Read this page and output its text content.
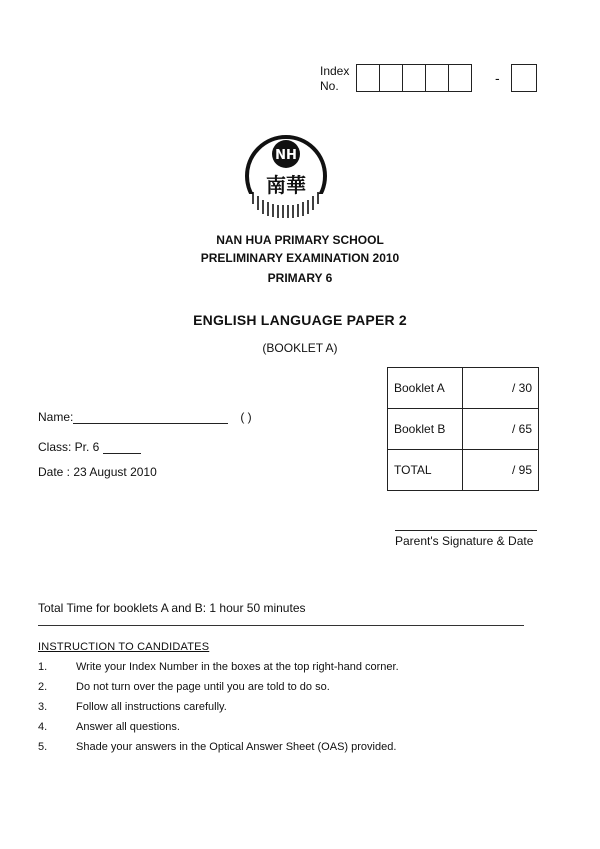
Index
No.	-
NH
南華
NAN HUA PRIMARY SCHOOL
PRELIMINARY EXAMINATION 2010
PRIMARY 6
ENGLISH LANGUAGE PAPER 2
(BOOKLET A)
Name:	( )
Class: Pr. 6
Date : 23 August 2010
Booklet A	/ 30
Booklet B	/ 65
TOTAL	/ 95
Parent's Signature & Date
Total Time for booklets A and B: 1 hour 50 minutes
INSTRUCTION TO CANDIDATES
1.	Write your Index Number in the boxes at the top right-hand corner.
2.	Do not turn over the page until you are told to do so.
3.	Follow all instructions carefully.
4.	Answer all questions.
5.	Shade your answers in the Optical Answer Sheet (OAS) provided.
